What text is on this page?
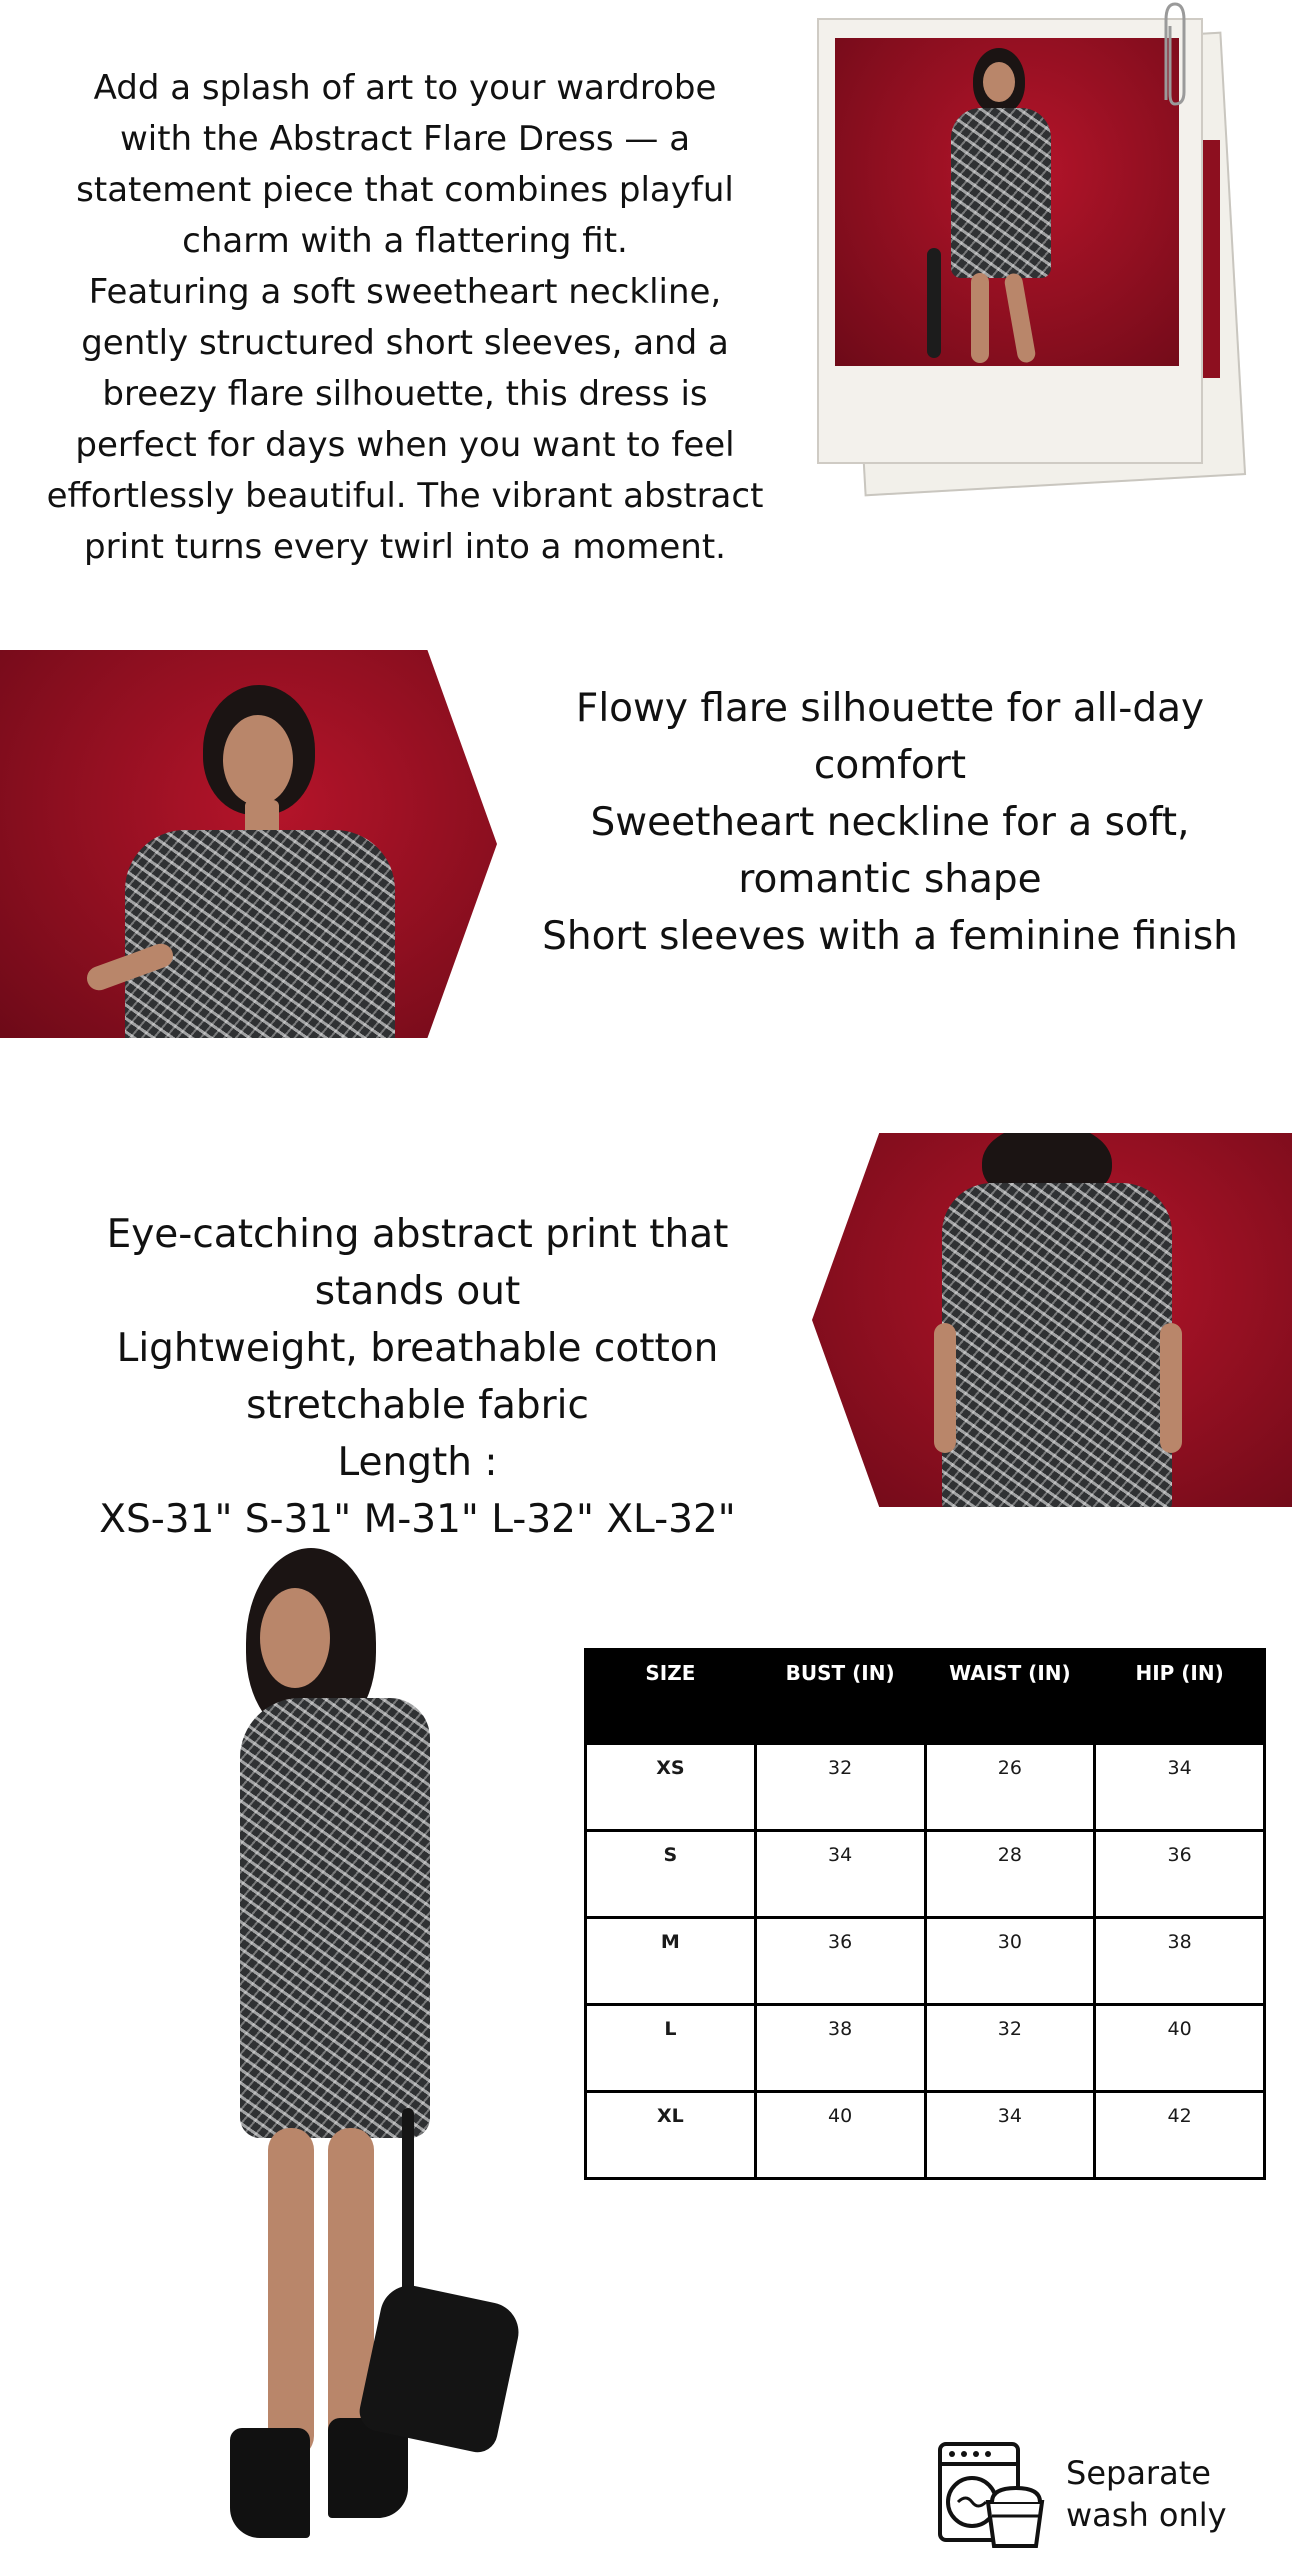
Add a splash of art to your wardrobe
with the Abstract Flare Dress — a
statement piece that combines playful
charm with a flattering fit.
Featuring a soft sweetheart neckline,
gently structured short sleeves, and a
breezy flare silhouette, this dress is
perfect for days when you want to feel
effortlessly beautiful. The vibrant abstract
print turns every twirl into a moment.
Flowy flare silhouette for all-day
comfort
Sweetheart neckline for a soft,
romantic shape
Short sleeves with a feminine finish
Eye-catching abstract print that
stands out
Lightweight, breathable cotton
stretchable fabric
Length :
XS-31" S-31" M-31" L-32" XL-32"
SIZE	BUST (IN)	WAIST (IN)	HIP (IN)
XS	32	26	34
S	34	28	36
M	36	30	38
L	38	32	40
XL	40	34	42
Separate
wash only
